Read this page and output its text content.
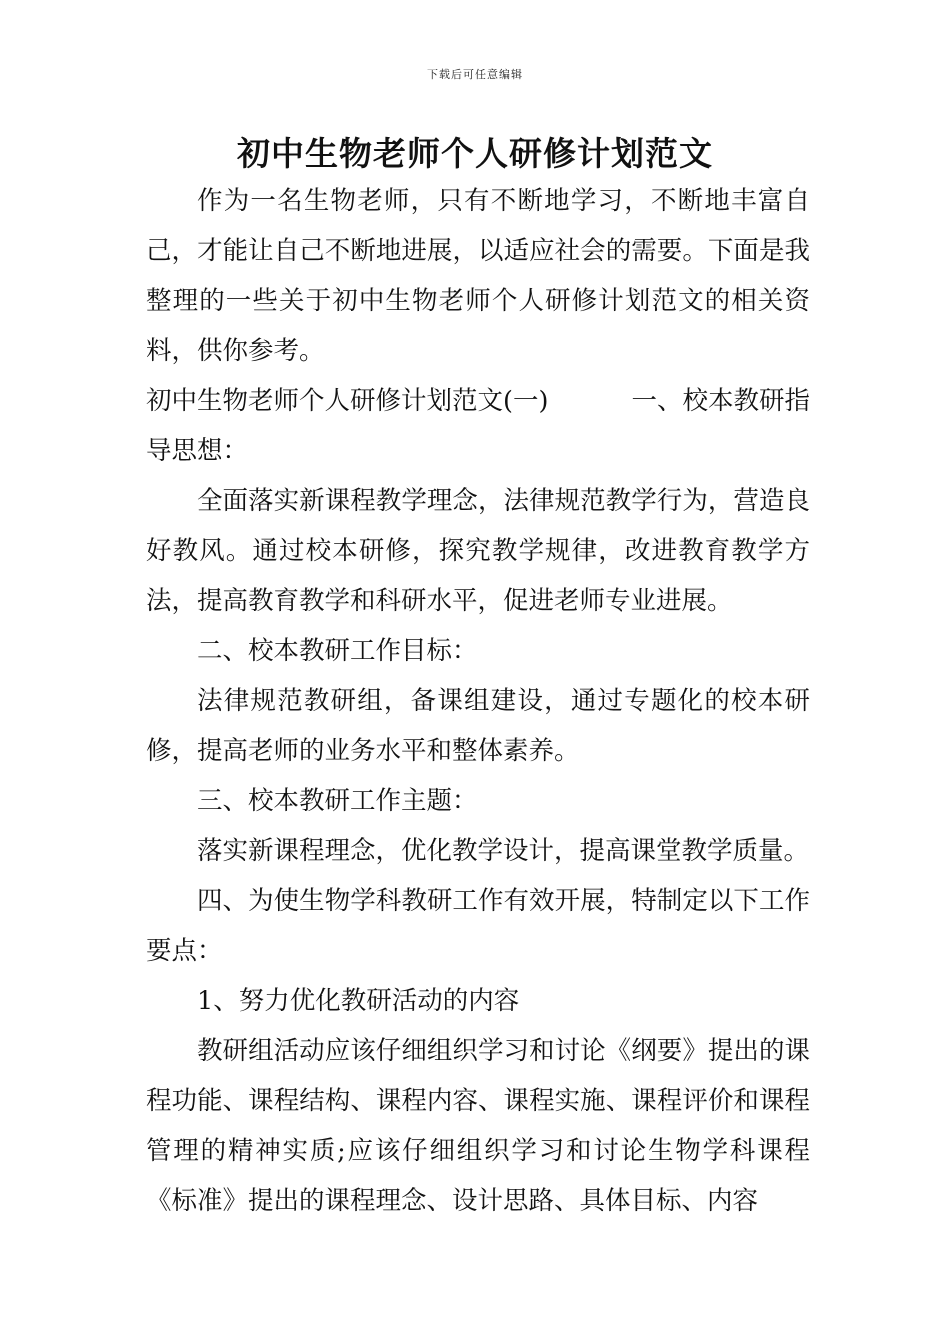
下载后可任意编辑
初中生物老师个人研修计划范文

作为一名生物老师，只有不断地学习，不断地丰富自己，才能让自己不断地进展，以适应社会的需要。下面是我整理的一些关于初中生物老师个人研修计划范文的相关资料，供你参考。

初中生物老师个人研修计划范文(一)	一、校本教研指

导思想：

全面落实新课程教学理念，法律规范教学行为，营造良好教风。通过校本研修，探究教学规律，改进教育教学方法，提高教育教学和科研水平，促进老师专业进展。

二、校本教研工作目标：

法律规范教研组，备课组建设，通过专题化的校本研修，提高老师的业务水平和整体素养。

三、校本教研工作主题：

落实新课程理念，优化教学设计，提高课堂教学质量。

四、为使生物学科教研工作有效开展，特制定以下工作要点：

1、努力优化教研活动的内容

教研组活动应该仔细组织学习和讨论《纲要》提出的课程功能、课程结构、课程内容、课程实施、课程评价和课程管理的精神实质;应该仔细组织学习和讨论生物学科课程《标准》提出的课程理念、设计思路、具体目标、内容
